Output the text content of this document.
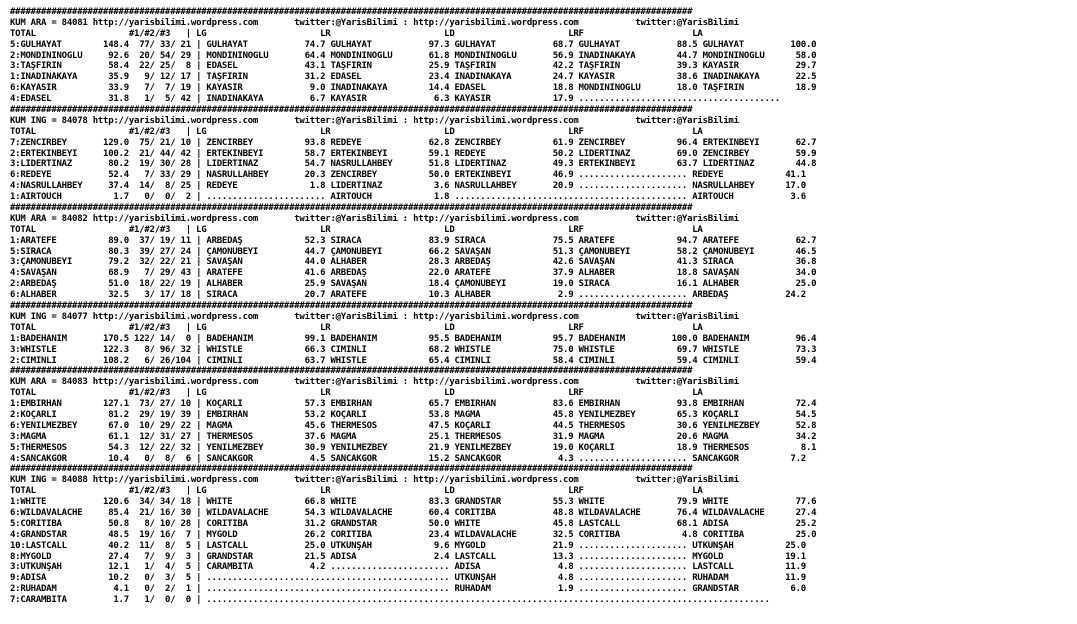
####################################################################################################################################
KUM ARA = 84081 http://yarisbilimi.wordpress.com       twitter:@YarisBilimi : http://yarisbilimi.wordpress.com           twitter:@YarisBilimi
TOTAL                  #1/#2/#3   | LG                      LR                      LD                      LRF                     LA
5:GÜLHAYAT        148.4  77/ 33/ 21 | GÜLHAYAT           74.7 GÜLHAYAT           97.3 GÜLHAYAT           68.7 GÜLHAYAT           88.5 GÜLHAYAT         100.0
2:MONDİNİNOĞLU     92.6  20/ 54/ 29 | MONDİNİNOĞLU       64.4 MONDİNİNOĞLU       61.8 MONDİNİNOĞLU       56.9 İNADINAKAYA        44.7 MONDİNİNOĞLU      58.0
3:TAŞFIRIN         58.4  22/ 25/  8 | EDASEL             43.1 TAŞFIRIN           25.9 TAŞFIRIN           42.2 TAŞFIRIN           39.3 KAYASIR           29.7
1:İNADINAKAYA      35.9   9/ 12/ 17 | TAŞFIRIN           31.2 EDASEL             23.4 İNADINAKAYA        24.7 KAYASIR            38.6 İNADINAKAYA       22.5
6:KAYASIR          33.9   7/  7/ 19 | KAYASIR             9.0 İNADINAKAYA        14.4 EDASEL             18.8 MONDİNİNOĞLU       18.0 TAŞFIRIN          18.9
4:EDASEL           31.8   1/  5/ 42 | İNADINAKAYA         6.7 KAYASIR             6.3 KAYASIR            17.9 .......................................
####################################################################################################################################
KUM ING = 84078 http://yarisbilimi.wordpress.com       twitter:@YarisBilimi : http://yarisbilimi.wordpress.com           twitter:@YarisBilimi
TOTAL                  #1/#2/#3   | LG                      LR                      LD                      LRF                     LA
7:ZENCİRBEY       129.0  75/ 21/ 10 | ZENCİRBEY          93.8 REDEYE             62.8 ZENCİRBEY          61.9 ZENCİRBEY          96.4 ERTEKİNBEYİ       62.7
2:ERTEKİNBEYİ     100.2  21/ 44/ 42 | ERTEKİNBEYİ        58.7 ERTEKİNBEYİ        59.1 REDEYE             50.2 LİDERTİNAZ         69.0 ZENCİRBEY         59.9
3:LİDERTİNAZ       80.2  19/ 30/ 28 | LİDERTİNAZ         54.7 NASRULLAHBEY       51.8 LİDERTİNAZ         49.3 ERTEKİNBEYİ        63.7 LİDERTİNAZ        44.8
6:REDEYE           52.4   7/ 33/ 29 | NASRULLAHBEY       20.3 ZENCİRBEY          50.0 ERTEKİNBEYİ        46.9 ..................... REDEYE            41.1
4:NASRULLAHBEY     37.4  14/  8/ 25 | REDEYE              1.8 LİDERTİNAZ          3.6 NASRULLAHBEY       20.9 ..................... NASRULLAHBEY      17.0
1:AIRTOUCH          1.7   0/  0/  2 | ....................... AIRTOUCH            1.8 ............................................. AIRTOUCH           3.6
####################################################################################################################################
KUM ARA = 84082 http://yarisbilimi.wordpress.com       twitter:@YarisBilimi : http://yarisbilimi.wordpress.com           twitter:@YarisBilimi
TOTAL                  #1/#2/#3   | LG                      LR                      LD                      LRF                     LA
1:ARATEFE          89.0  37/ 19/ 11 | ARBEDAŞ            52.3 SIRACA             83.9 SIRACA             75.5 ARATEFE            94.7 ARATEFE           62.7
5:SIRACA           80.3  39/ 27/ 24 | ÇAMONÜBEYİ         44.7 ÇAMONÜBEYİ         66.2 SAVAŞAN            51.3 ÇAMONÜBEYİ         58.2 ÇAMONÜBEYİ        46.5
3:ÇAMONÜBEYİ       79.2  32/ 22/ 21 | SAVAŞAN            44.0 ALHABER            28.3 ARBEDAŞ            42.6 SAVAŞAN            41.3 SIRACA            36.8
4:SAVAŞAN          68.9   7/ 29/ 43 | ARATEFE            41.6 ARBEDAŞ            22.0 ARATEFE            37.9 ALHABER            18.8 SAVAŞAN           34.0
2:ARBEDAŞ          51.0  18/ 22/ 19 | ALHABER            25.9 SAVAŞAN            18.4 ÇAMONÜBEYİ         19.0 SIRACA             16.1 ALHABER           25.0
6:ALHABER          32.5   3/ 17/ 18 | SIRACA             20.7 ARATEFE            10.3 ALHABER             2.9 ..................... ARBEDAŞ           24.2
####################################################################################################################################
KUM ING = 84077 http://yarisbilimi.wordpress.com       twitter:@YarisBilimi : http://yarisbilimi.wordpress.com           twitter:@YarisBilimi
TOTAL                  #1/#2/#3   | LG                      LR                      LD                      LRF                     LA
1:BADEHANIM       170.5 122/ 14/  0 | BADEHANIM          99.1 BADEHANIM          95.5 BADEHANIM          95.7 BADEHANIM         100.0 BADEHANIM         96.4
3:WHISTLE         122.3   8/ 96/ 32 | WHISTLE            66.3 CİMİNLİ            68.2 WHISTLE            75.0 WHISTLE            69.7 WHISTLE           73.3
2:CİMİNLİ         108.2   6/ 26/104 | CİMİNLİ            63.7 WHISTLE            65.4 CİMİNLİ            58.4 CİMİNLİ            59.4 CİMİNLİ           59.4
####################################################################################################################################
KUM ARA = 84083 http://yarisbilimi.wordpress.com       twitter:@YarisBilimi : http://yarisbilimi.wordpress.com           twitter:@YarisBilimi
TOTAL                  #1/#2/#3   | LG                      LR                      LD                      LRF                     LA
1:EMBİRHAN        127.1  73/ 27/ 10 | KOÇARLI            57.3 EMBİRHAN           65.7 EMBİRHAN           83.6 EMBİRHAN           93.8 EMBİRHAN          72.4
2:KOÇARLI          81.2  29/ 19/ 39 | EMBİRHAN           53.2 KOÇARLI            53.8 MAGMA              45.8 YENİLMEZBEY        65.3 KOÇARLI           54.5
6:YENİLMEZBEY      67.0  10/ 29/ 22 | MAGMA              45.6 THERMESOS          47.5 KOÇARLI            44.5 THERMESOS          30.6 YENİLMEZBEY       52.8
3:MAGMA            61.1  12/ 31/ 27 | THERMESOS          37.6 MAGMA              25.1 THERMESOS          31.9 MAGMA              20.6 MAGMA             34.2
5:THERMESOS        54.3  12/ 22/ 32 | YENİLMEZBEY        30.9 YENİLMEZBEY        21.9 YENİLMEZBEY        19.0 KOÇARLI            18.9 THERMESOS          8.1
4:SANCAKGÖR        10.4   0/  8/  6 | SANCAKGÖR           4.5 SANCAKGÖR          15.2 SANCAKGÖR           4.3 ..................... SANCAKGÖR          7.2
####################################################################################################################################
KUM ING = 84088 http://yarisbilimi.wordpress.com       twitter:@YarisBilimi : http://yarisbilimi.wordpress.com           twitter:@YarisBilimi
TOTAL                  #1/#2/#3   | LG                      LR                      LD                      LRF                     LA
1:WHITE           120.6  34/ 34/ 18 | WHITE              66.8 WHITE              83.3 GRANDSTAR          55.3 WHITE              79.9 WHITE             77.6
6:WILDAVALACHE     85.4  21/ 16/ 30 | WILDAVALACHE       54.3 WILDAVALACHE       60.4 CORITIBA           48.8 WILDAVALACHE       76.4 WILDAVALACHE      27.4
5:CORITIBA         50.8   8/ 10/ 28 | CORITIBA           31.2 GRANDSTAR          50.0 WHITE              45.8 LASTCALL           68.1 ADİSA             25.2
4:GRANDSTAR        48.5  19/ 16/  7 | MYGOLD             26.2 CORITIBA           23.4 WILDAVALACHE       32.5 CORITIBA            4.8 CORITIBA          25.0
10:LASTCALL        40.2  11/  8/  5 | LASTCALL           25.0 UTKUNŞAH            9.6 MYGOLD             21.9 ..................... UTKUNŞAH          25.0
8:MYGOLD           27.4   7/  9/  3 | GRANDSTAR          21.5 ADİSA               2.4 LASTCALL           13.3 ..................... MYGOLD            19.1
3:UTKUNŞAH         12.1   1/  4/  5 | CARAMBITA           4.2 ....................... ADİSA               4.8 ..................... LASTCALL          11.9
9:ADİSA            10.2   0/  3/  5 | ............................................... UTKUNŞAH            4.8 ..................... RUHADAM           11.9
2:RUHADAM           4.1   0/  2/  1 | ............................................... RUHADAM             1.9 ..................... GRANDSTAR          6.0
7:CARAMBITA         1.7   1/  0/  0 | .............................................................................................................
